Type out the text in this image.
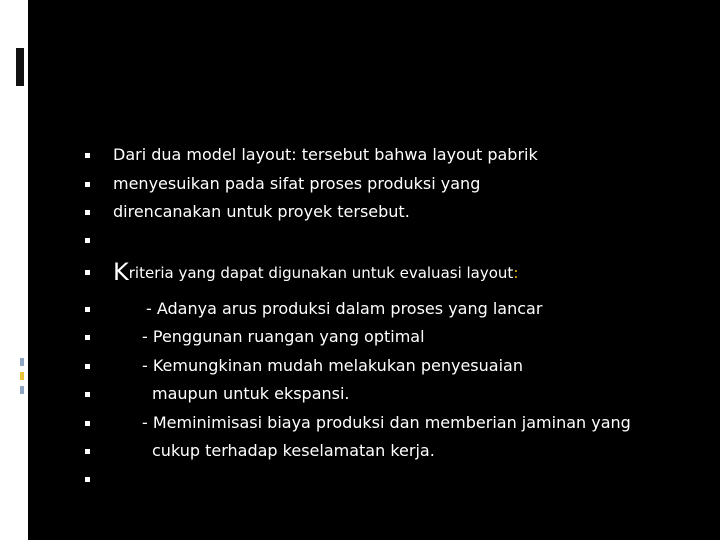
Dari dua model layout: tersebut bahwa layout pabrik
menyesuikan pada sifat proses produksi yang
direncanakan untuk proyek tersebut.
Kriteria yang dapat digunakan untuk evaluasi layout:
- Adanya arus produksi dalam proses yang lancar
- Penggunan ruangan yang optimal
- Kemungkinan mudah melakukan penyesuaian
maupun untuk ekspansi.
- Meminimisasi biaya produksi dan memberian jaminan yang
cukup terhadap keselamatan kerja.
